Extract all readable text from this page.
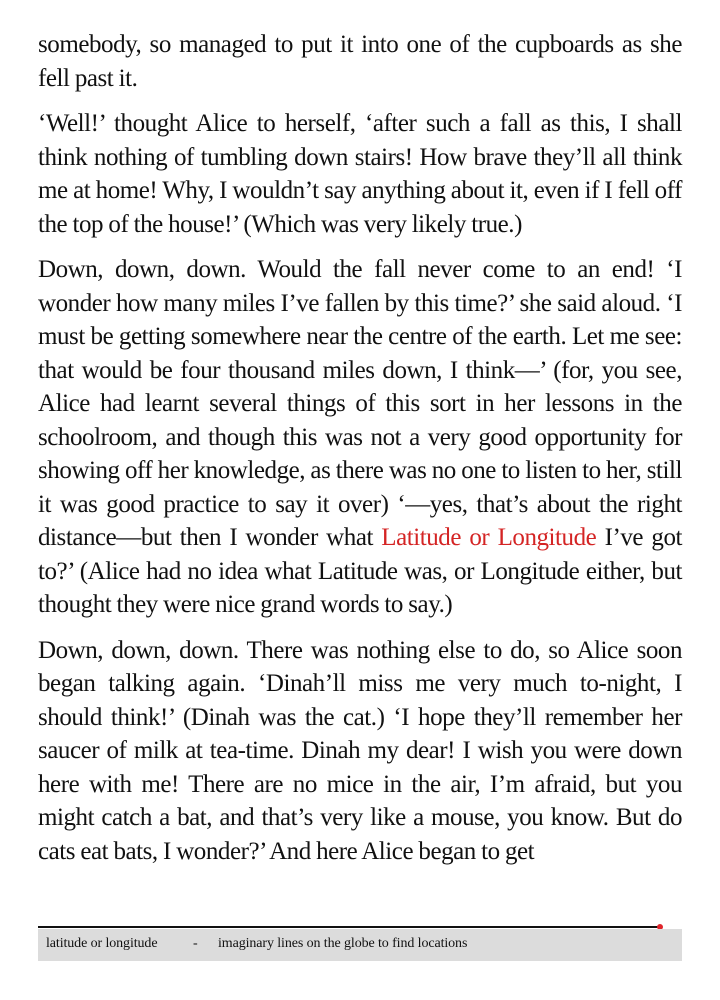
somebody, so managed to put it into one of the cupboards as she fell past it.

‘Well!’ thought Alice to herself, ‘after such a fall as this, I shall think nothing of tumbling down stairs! How brave they’ll all think me at home! Why, I wouldn’t say anything about it, even if I fell off the top of the house!’ (Which was very likely true.)

Down, down, down. Would the fall never come to an end! ‘I wonder how many miles I’ve fallen by this time?’ she said aloud. ‘I must be getting somewhere near the centre of the earth. Let me see: that would be four thousand miles down, I think—’ (for, you see, Alice had learnt several things of this sort in her lessons in the schoolroom, and though this was not a very good opportunity for showing off her knowledge, as there was no one to listen to her, still it was good practice to say it over) ‘—yes, that’s about the right distance—but then I wonder what Latitude or Longitude I’ve got to?’ (Alice had no idea what Latitude was, or Longitude either, but thought they were nice grand words to say.)

Down, down, down. There was nothing else to do, so Alice soon began talking again. ‘Dinah’ll miss me very much to-night, I should think!’ (Dinah was the cat.) ‘I hope they’ll remember her saucer of milk at tea-time. Dinah my dear! I wish you were down here with me! There are no mice in the air, I’m afraid, but you might catch a bat, and that’s very like a mouse, you know. But do cats eat bats, I wonder?’ And here Alice began to get

latitude or longitude	- imaginary lines on the globe to find locations
